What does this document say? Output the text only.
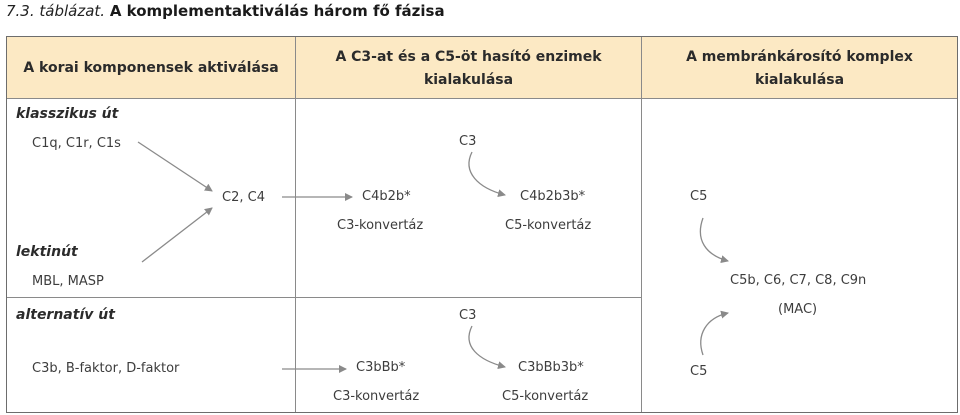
7.3. táblázat. A komplementaktiválás három fő fázisa
A korai komponensek aktiválása
A C3-at és a C5-öt hasító enzimek
kialakulása
A membránkárosító komplex
kialakulása
klasszikus út
C1q, C1r, C1s
C2, C4
lektinút
MBL, MASP
C3
C4b2b*
C3-konvertáz
C4b2b3b*
C5-konvertáz
alternatív út
C3b, B-faktor, D-faktor
C3
C3bBb*
C3-konvertáz
C3bBb3b*
C5-konvertáz
C5
C5b, C6, C7, C8, C9n
(MAC)
C5
